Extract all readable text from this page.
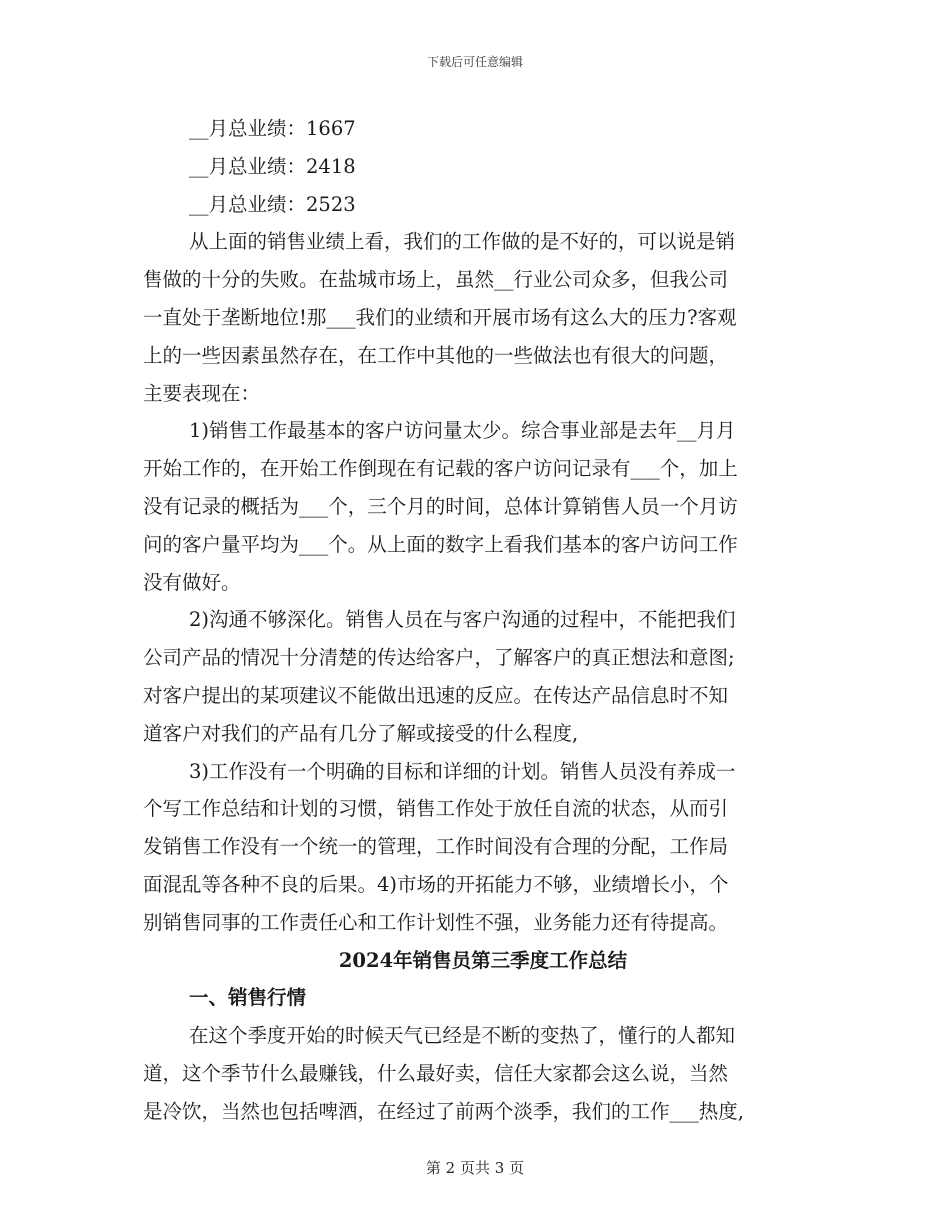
下载后可任意编辑
__月总业绩：1667
__月总业绩：2418
__月总业绩：2523
从上面的销售业绩上看，我们的工作做的是不好的，可以说是销
售做的十分的失败。在盐城市场上，虽然__行业公司众多，但我公司
一直处于垄断地位!那___我们的业绩和开展市场有这么大的压力?客观
上的一些因素虽然存在，在工作中其他的一些做法也有很大的问题，
主要表现在：
1)销售工作最基本的客户访问量太少。综合事业部是去年__月月
开始工作的，在开始工作倒现在有记载的客户访问记录有___个，加上
没有记录的概括为___个，三个月的时间，总体计算销售人员一个月访
问的客户量平均为___个。从上面的数字上看我们基本的客户访问工作
没有做好。
2)沟通不够深化。销售人员在与客户沟通的过程中，不能把我们
公司产品的情况十分清楚的传达给客户，了解客户的真正想法和意图;
对客户提出的某项建议不能做出迅速的反应。在传达产品信息时不知
道客户对我们的产品有几分了解或接受的什么程度,
3)工作没有一个明确的目标和详细的计划。销售人员没有养成一
个写工作总结和计划的习惯，销售工作处于放任自流的状态，从而引
发销售工作没有一个统一的管理，工作时间没有合理的分配，工作局
面混乱等各种不良的后果。4)市场的开拓能力不够，业绩增长小，个
别销售同事的工作责任心和工作计划性不强，业务能力还有待提高。
2024年销售员第三季度工作总结
一、销售行情
在这个季度开始的时候天气已经是不断的变热了，懂行的人都知
道，这个季节什么最赚钱，什么最好卖，信任大家都会这么说，当然
是冷饮，当然也包括啤酒，在经过了前两个淡季，我们的工作___热度,
第 2 页共 3 页
